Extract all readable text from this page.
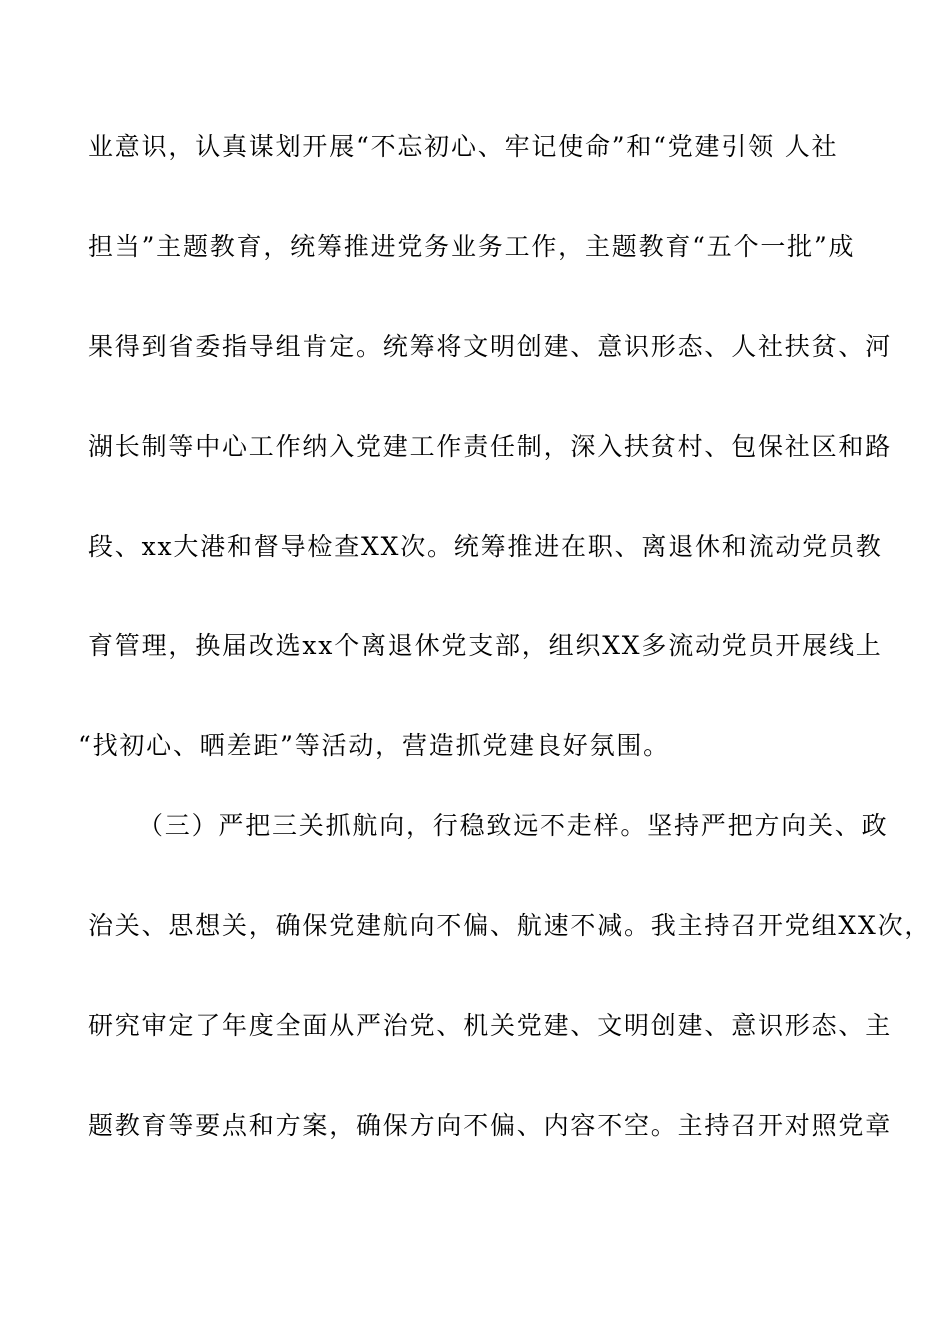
业意识，认真谋划开展“不忘初心、牢记使命”和“党建引领 人社
担当”主题教育，统筹推进党务业务工作，主题教育“五个一批”成
果得到省委指导组肯定。统筹将文明创建、意识形态、人社扶贫、河
湖长制等中心工作纳入党建工作责任制，深入扶贫村、包保社区和路
段、xx大港和督导检查XX次。统筹推进在职、离退休和流动党员教
育管理，换届改选xx个离退休党支部，组织XX多流动党员开展线上
“找初心、晒差距”等活动，营造抓党建良好氛围。
（三）严把三关抓航向，行稳致远不走样。坚持严把方向关、政
治关、思想关，确保党建航向不偏、航速不减。我主持召开党组XX次，
研究审定了年度全面从严治党、机关党建、文明创建、意识形态、主
题教育等要点和方案，确保方向不偏、内容不空。主持召开对照党章
